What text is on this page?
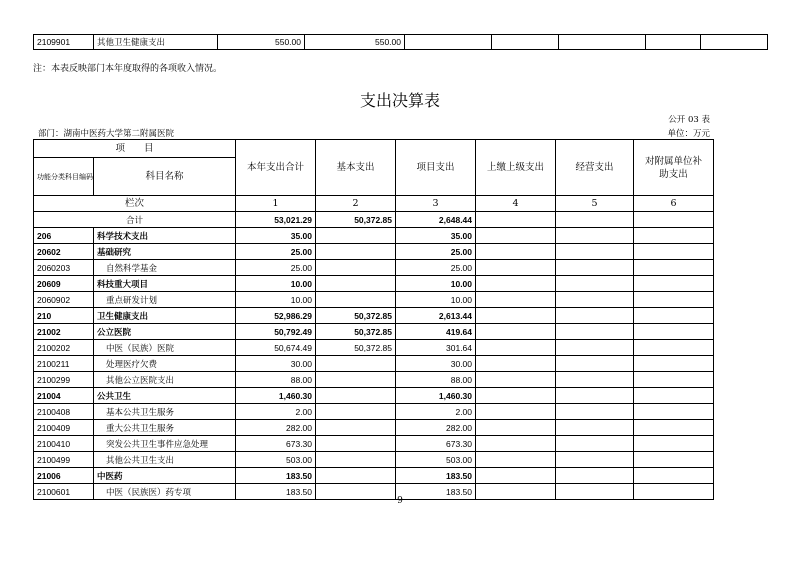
2109901	其他卫生健康支出	550.00	550.00					
注：本表反映部门本年度取得的各项收入情况。
支出决算表
公开 03 表
部门：湖南中医药大学第二附属医院	单位：万元
项　　目		本年支出合计	基本支出	项目支出	上缴上级支出	经营支出	对附属单位补助支出
功能分类科目编码	科目名称						
栏次		1	2	3	4	5	6
合计		53,021.29	50,372.85	2,648.44			
206	科学技术支出	35.00		35.00			
20602	基础研究	25.00		25.00			
2060203	自然科学基金	25.00		25.00			
20609	科技重大项目	10.00		10.00			
2060902	重点研发计划	10.00		10.00			
210	卫生健康支出	52,986.29	50,372.85	2,613.44			
21002	公立医院	50,792.49	50,372.85	419.64			
2100202	中医（民族）医院	50,674.49	50,372.85	301.64			
2100211	处理医疗欠费	30.00		30.00			
2100299	其他公立医院支出	88.00		88.00			
21004	公共卫生	1,460.30		1,460.30			
2100408	基本公共卫生服务	2.00		2.00			
2100409	重大公共卫生服务	282.00		282.00			
2100410	突发公共卫生事件应急处理	673.30		673.30			
2100499	其他公共卫生支出	503.00		503.00			
21006	中医药	183.50		183.50			
2100601	中医（民族医）药专项	183.50		183.50			
9
